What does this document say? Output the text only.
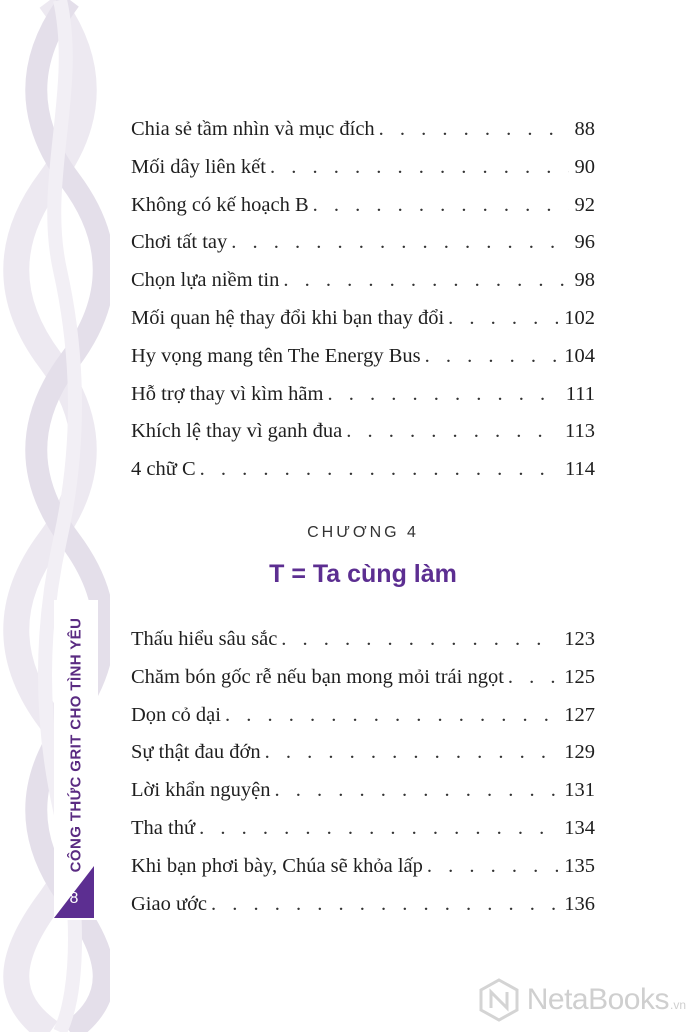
CÔNG THỨC GRIT CHO TÌNH YÊU
8
Chia sẻ tầm nhìn và mục đích . . .	88
Mối dây liên kết . . .	90
Không có kế hoạch B . . .	92
Chơi tất tay . . .	96
Chọn lựa niềm tin . . .	98
Mối quan hệ thay đổi khi bạn thay đổi . . .	102
Hy vọng mang tên The Energy Bus . . .	104
Hỗ trợ thay vì kìm hãm . . .	111
Khích lệ thay vì ganh đua . . .	113
4 chữ C . . .	114
CHƯƠNG 4
T = Ta cùng làm
Thấu hiểu sâu sắc . . .	123
Chăm bón gốc rễ nếu bạn mong mỏi trái ngọt . . .	125
Dọn cỏ dại . . .	127
Sự thật đau đớn . . .	129
Lời khẩn nguyện . . .	131
Tha thứ . . .	134
Khi bạn phơi bày, Chúa sẽ khỏa lấp . . .	135
Giao ước . . .	136
NetaBooks .vn
